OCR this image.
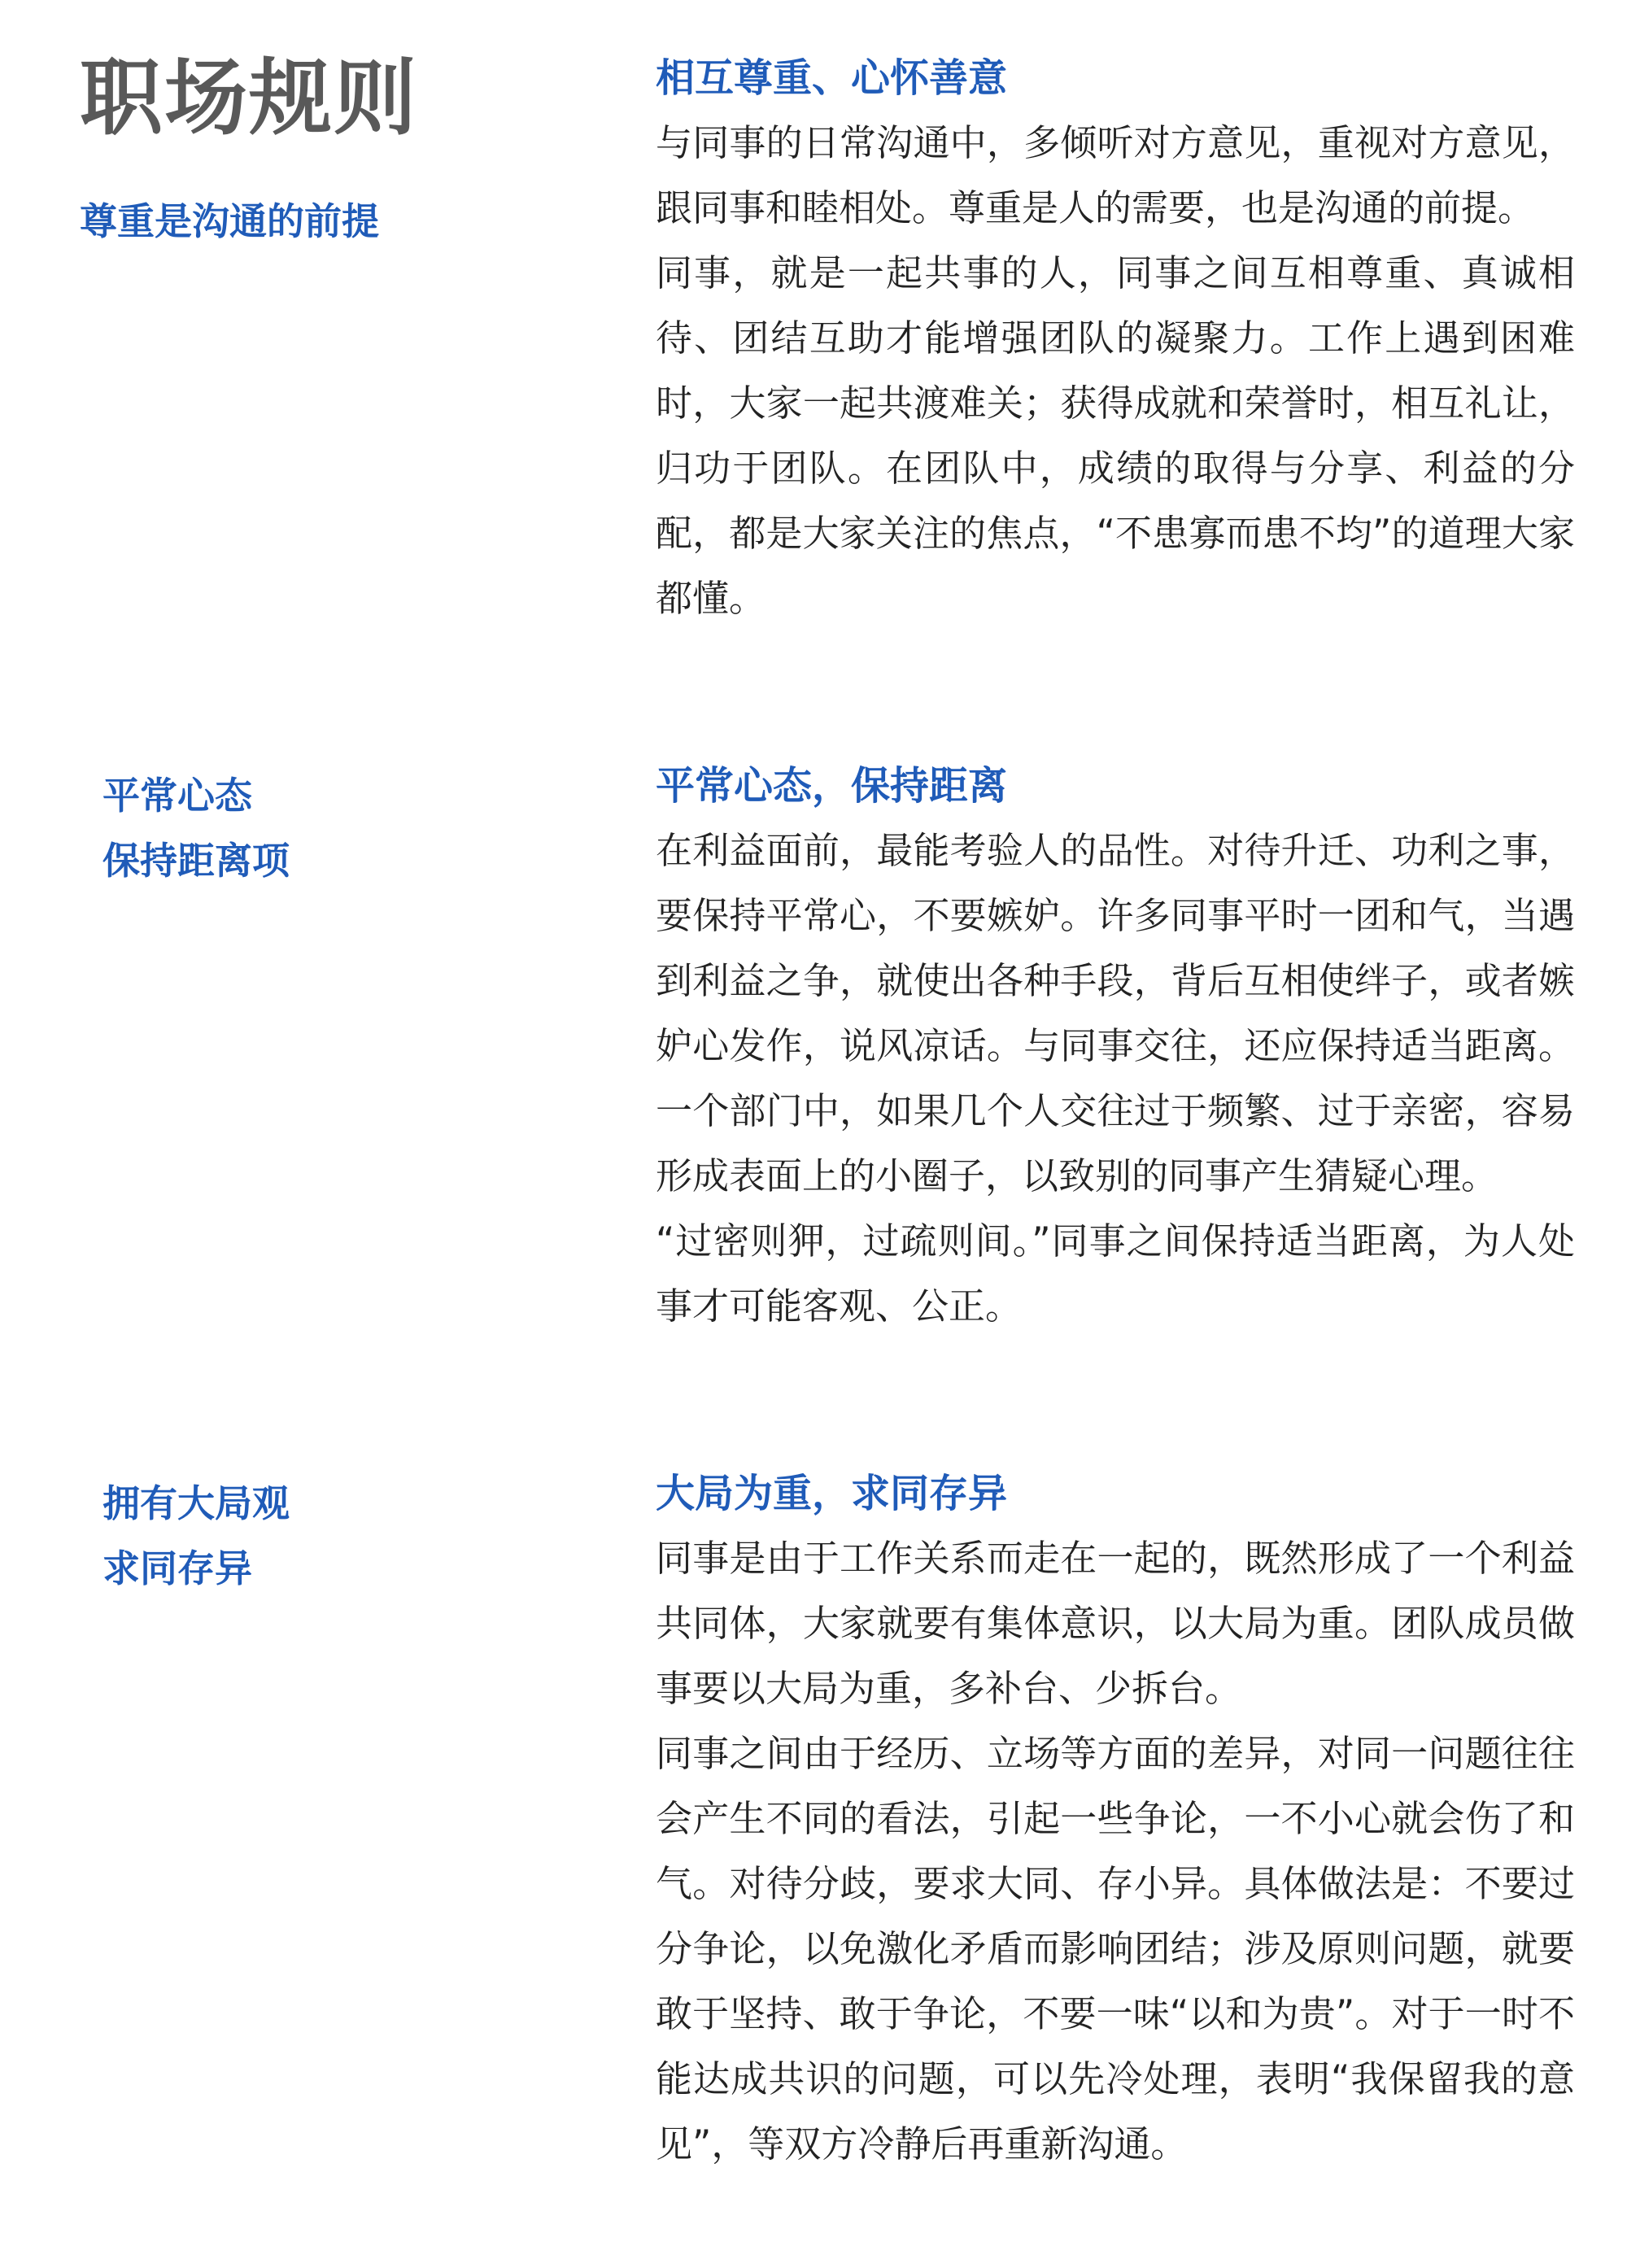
职场规则
尊重是沟通的前提
相互尊重、心怀善意

与同事的日常沟通中，多倾听对方意见，重视对方意见，跟同事和睦相处。尊重是人的需要，也是沟通的前提。

同事，就是一起共事的人，同事之间互相尊重、真诚相待、团结互助才能增强团队的凝聚力。工作上遇到困难时，大家一起共渡难关；获得成就和荣誉时，相互礼让，归功于团队。在团队中，成绩的取得与分享、利益的分配，都是大家关注的焦点，“不患寡而患不均”的道理大家都懂。

平常心态
保持距离项
平常心态，保持距离

在利益面前，最能考验人的品性。对待升迁、功利之事，要保持平常心，不要嫉妒。许多同事平时一团和气，当遇到利益之争，就使出各种手段，背后互相使绊子，或者嫉妒心发作，说风凉话。与同事交往，还应保持适当距离。一个部门中，如果几个人交往过于频繁、过于亲密，容易形成表面上的小圈子，以致别的同事产生猜疑心理。

“过密则狎，过疏则间。”同事之间保持适当距离，为人处事才可能客观、公正。

拥有大局观
求同存异
大局为重，求同存异

同事是由于工作关系而走在一起的，既然形成了一个利益共同体，大家就要有集体意识，以大局为重。团队成员做事要以大局为重，多补台、少拆台。

同事之间由于经历、立场等方面的差异，对同一问题往往会产生不同的看法，引起一些争论，一不小心就会伤了和气。对待分歧，要求大同、存小异。具体做法是：不要过分争论，以免激化矛盾而影响团结；涉及原则问题，就要敢于坚持、敢于争论，不要一味“以和为贵”。对于一时不能达成共识的问题，可以先冷处理，表明“我保留我的意见”，等双方冷静后再重新沟通。
